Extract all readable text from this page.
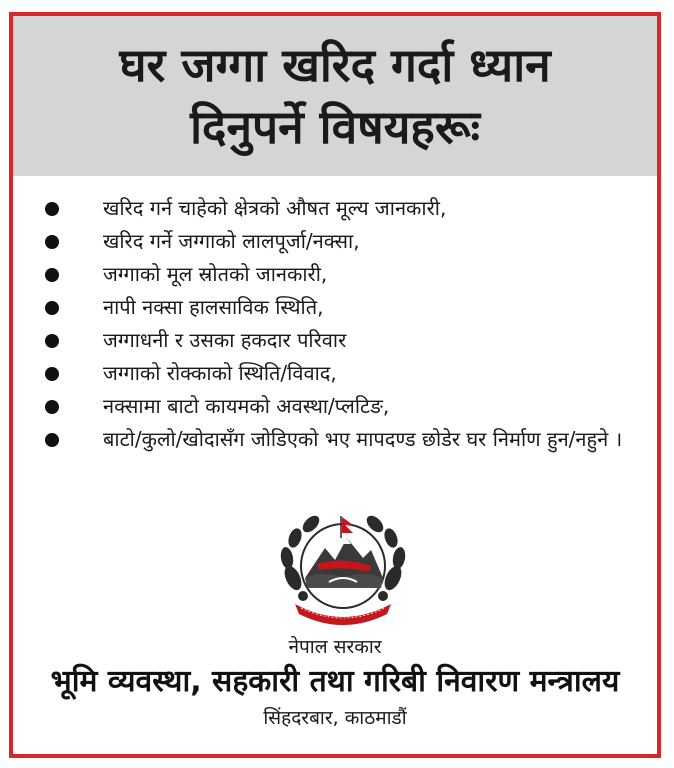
घर जग्गा खरिद गर्दा ध्यान
दिनुपर्ने विषयहरूः
खरिद गर्न चाहेको क्षेत्रको औषत मूल्य जानकारी,
खरिद गर्ने जग्गाको लालपूर्जा/नक्सा,
जग्गाको मूल स्रोतको जानकारी,
नापी नक्सा हालसाविक स्थिति,
जग्गाधनी र उसका हकदार परिवार
जग्गाको रोक्काको स्थिति/विवाद,
नक्सामा बाटो कायमको अवस्था/प्लटिङ,
बाटो/कुलो/खोदासँग जोडिएको भए मापदण्ड छोडेर घर निर्माण हुन/नहुने ।
नेपाल सरकार
भूमि व्यवस्था, सहकारी तथा गरिबी निवारण मन्त्रालय
सिंहदरबार, काठमाडौं
